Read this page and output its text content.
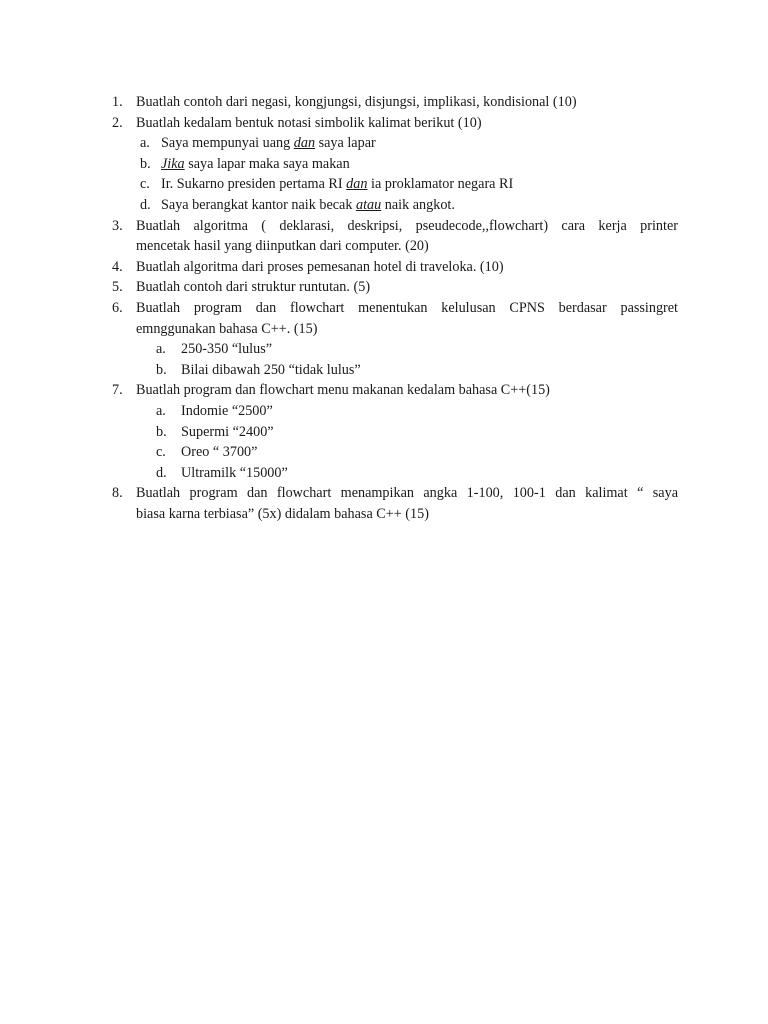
1. Buatlah contoh dari negasi, kongjungsi, disjungsi, implikasi, kondisional (10)
2. Buatlah kedalam bentuk notasi simbolik kalimat berikut (10)
a. Saya mempunyai uang dan saya lapar
b. Jika saya lapar maka saya makan
c. Ir. Sukarno presiden pertama RI dan ia proklamator negara RI
d. Saya berangkat kantor naik becak atau naik angkot.
3. Buatlah algoritma ( deklarasi, deskripsi, pseudecode,,flowchart) cara kerja printer
mencetak hasil yang diinputkan dari computer. (20)
4. Buatlah algoritma dari proses pemesanan hotel di traveloka. (10)
5. Buatlah contoh dari struktur runtutan. (5)
6. Buatlah program dan flowchart menentukan kelulusan CPNS berdasar passingret
emnggunakan bahasa C++. (15)
a.	250-350 “lulus”
b.	Bilai dibawah 250 “tidak lulus”
7. Buatlah program dan flowchart menu makanan kedalam bahasa C++(15)
a.	Indomie “2500”
b.	Supermi “2400”
c.	Oreo “ 3700”
d.	Ultramilk “15000”
8. Buatlah program dan flowchart menampikan angka 1-100, 100-1 dan kalimat “ saya
biasa karna terbiasa” (5x) didalam bahasa C++ (15)
